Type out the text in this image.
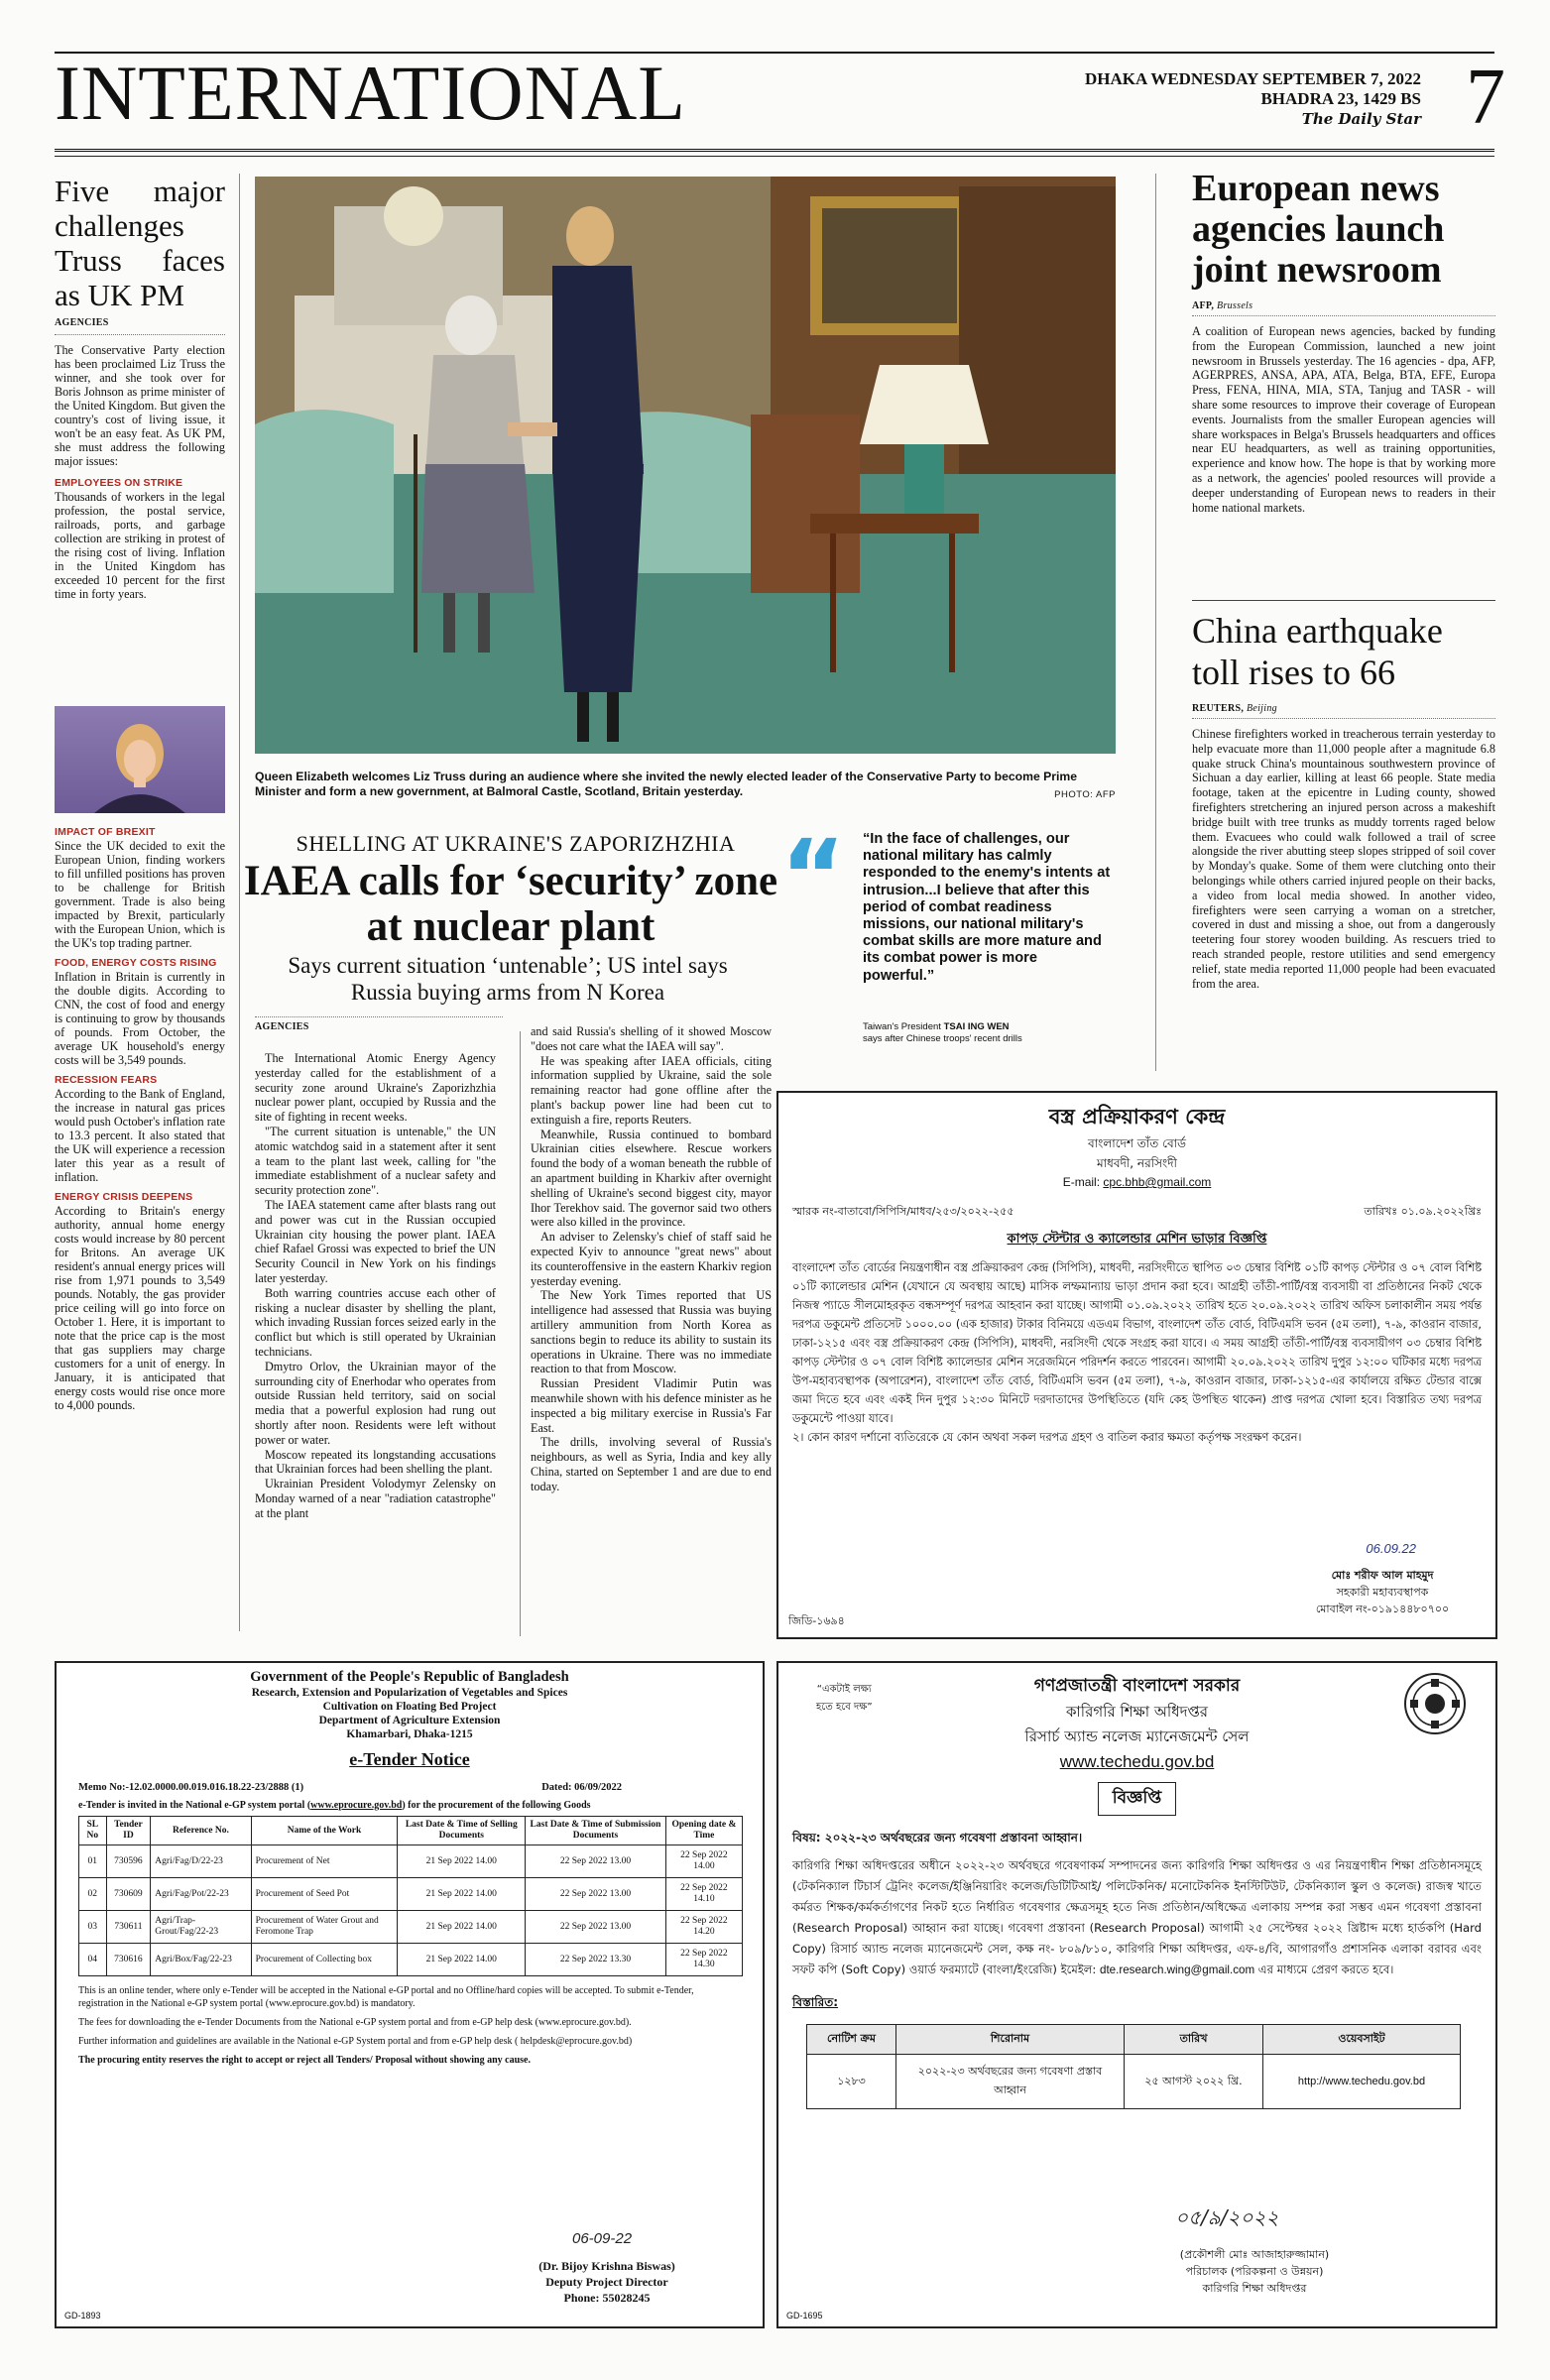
INTERNATIONAL	DHAKA WEDNESDAY SEPTEMBER 7, 2022
BHADRA 23, 1429 BS
The Daily Star 7
Five major challenges Truss faces as UK PM
AGENCIES
The Conservative Party election has been proclaimed Liz Truss the winner, and she took over for Boris Johnson as prime minister of the United Kingdom. But given the country's cost of living issue, it won't be an easy feat. As UK PM, she must address the following major issues:
EMPLOYEES ON STRIKE
Thousands of workers in the legal profession, the postal service, railroads, ports, and garbage collection are striking in protest of the rising cost of living. Inflation in the United Kingdom has exceeded 10 percent for the first time in forty years.
IMPACT OF BREXIT
Since the UK decided to exit the European Union, finding workers to fill unfilled positions has proven to be challenge for British government. Trade is also being impacted by Brexit, particularly with the European Union, which is the UK's top trading partner.
FOOD, ENERGY COSTS RISING
Inflation in Britain is currently in the double digits. According to CNN, the cost of food and energy is continuing to grow by thousands of pounds. From October, the average UK household's energy costs will be 3,549 pounds.
RECESSION FEARS
According to the Bank of England, the increase in natural gas prices would push October's inflation rate to 13.3 percent. It also stated that the UK will experience a recession later this year as a result of inflation.
ENERGY CRISIS DEEPENS
According to Britain's energy authority, annual home energy costs would increase by 80 percent for Britons. An average UK resident's annual energy prices will rise from 1,971 pounds to 3,549 pounds. Notably, the gas provider price ceiling will go into force on October 1. Here, it is important to note that the price cap is the most that gas suppliers may charge customers for a unit of energy. In January, it is anticipated that energy costs would rise once more to 4,000 pounds.
Queen Elizabeth welcomes Liz Truss during an audience where she invited the newly elected leader of the Conservative Party to become Prime Minister and form a new government, at Balmoral Castle, Scotland, Britain yesterday.	PHOTO: AFP
SHELLING AT UKRAINE'S ZAPORIZHZHIA
IAEA calls for ‘security’ zone at nuclear plant
Says current situation ‘untenable’; US intel says Russia buying arms from N Korea
AGENCIES

The International Atomic Energy Agency yesterday called for the establishment of a security zone around Ukraine's Zaporizhzhia nuclear power plant, occupied by Russia and the site of fighting in recent weeks.

"The current situation is untenable," the UN atomic watchdog said in a statement after it sent a team to the plant last week, calling for "the immediate establishment of a nuclear safety and security protection zone".

The IAEA statement came after blasts rang out and power was cut in the Russian occupied Ukrainian city housing the power plant. IAEA chief Rafael Grossi was expected to brief the UN Security Council in New York on his findings later yesterday.

Both warring countries accuse each other of risking a nuclear disaster by shelling the plant, which invading Russian forces seized early in the conflict but which is still operated by Ukrainian technicians.

Dmytro Orlov, the Ukrainian mayor of the surrounding city of Enerhodar who operates from outside Russian held territory, said on social media that a powerful explosion had rung out shortly after noon. Residents were left without power or water.

Moscow repeated its longstanding accusations that Ukrainian forces had been shelling the plant.

Ukrainian President Volodymyr Zelensky on Monday warned of a near "radiation catastrophe" at the plant

and said Russia's shelling of it showed Moscow "does not care what the IAEA will say".

He was speaking after IAEA officials, citing information supplied by Ukraine, said the sole remaining reactor had gone offline after the plant's backup power line had been cut to extinguish a fire, reports Reuters.

Meanwhile, Russia continued to bombard Ukrainian cities elsewhere. Rescue workers found the body of a woman beneath the rubble of an apartment building in Kharkiv after overnight shelling of Ukraine's second biggest city, mayor Ihor Terekhov said. The governor said two others were also killed in the province.

An adviser to Zelensky's chief of staff said he expected Kyiv to announce "great news" about its counteroffensive in the eastern Kharkiv region yesterday evening.

The New York Times reported that US intelligence had assessed that Russia was buying artillery ammunition from North Korea as sanctions begin to reduce its ability to sustain its operations in Ukraine. There was no immediate reaction to that from Moscow.

Russian President Vladimir Putin was meanwhile shown with his defence minister as he inspected a big military exercise in Russia's Far East.

The drills, involving several of Russia's neighbours, as well as Syria, India and key ally China, started on September 1 and are due to end today.

“ “In the face of challenges, our national military has calmly responded to the enemy's intents at intrusion...I believe that after this period of combat readiness missions, our national military's combat skills are more mature and its combat power is more powerful.”
Taiwan's President TSAI ING WEN
says after Chinese troops' recent drills
European news agencies launch joint newsroom
AFP, Brussels
A coalition of European news agencies, backed by funding from the European Commission, launched a new joint newsroom in Brussels yesterday. The 16 agencies - dpa, AFP, AGERPRES, ANSA, APA, ATA, Belga, BTA, EFE, Europa Press, FENA, HINA, MIA, STA, Tanjug and TASR - will share some resources to improve their coverage of European events. Journalists from the smaller European agencies will share workspaces in Belga's Brussels headquarters and offices near EU headquarters, as well as training opportunities, experience and know how. The hope is that by working more as a network, the agencies' pooled resources will provide a deeper understanding of European news to readers in their home national markets.
China earthquake toll rises to 66
REUTERS, Beijing
Chinese firefighters worked in treacherous terrain yesterday to help evacuate more than 11,000 people after a magnitude 6.8 quake struck China's mountainous southwestern province of Sichuan a day earlier, killing at least 66 people. State media footage, taken at the epicentre in Luding county, showed firefighters stretchering an injured person across a makeshift bridge built with tree trunks as muddy torrents raged below them. Evacuees who could walk followed a trail of scree alongside the river abutting steep slopes stripped of soil cover by Monday's quake. Some of them were clutching onto their belongings while others carried injured people on their backs, a video from local media showed. In another video, firefighters were seen carrying a woman on a stretcher, covered in dust and missing a shoe, out from a dangerously teetering four storey wooden building. As rescuers tried to reach stranded people, restore utilities and send emergency relief, state media reported 11,000 people had been evacuated from the area.
বস্ত্র প্রক্রিয়াকরণ কেন্দ্র
বাংলাদেশ তাঁত বোর্ড
মাধবদী, নরসিংদী
E-mail: cpc.bhb@gmail.com
স্মারক নং-বাতাবো/সিপিসি/মাধব/২৫৩/২০২২-২৫৫	তারিখঃ ০১.০৯.২০২২খ্রিঃ
কাপড় স্টেন্টার ও ক্যালেন্ডার মেশিন ভাড়ার বিজ্ঞপ্তি
বাংলাদেশ তাঁত বোর্ডের নিয়ন্ত্রণাধীন বস্ত্র প্রক্রিয়াকরণ কেন্দ্র (সিপিসি), মাধবদী, নরসিংদীতে স্থাপিত ০৩ চেম্বার বিশিষ্ট ০১টি কাপড় স্টেন্টার ও ০৭ বোল বিশিষ্ট ০১টি ক্যালেন্ডার মেশিন (যেখানে যে অবস্থায় আছে) মাসিক লম্ফমান্যায় ভাড়া প্রদান করা হবে। আগ্রহী তাঁতী-পার্টি/বস্ত্র ব্যবসায়ী বা প্রতিষ্ঠানের নিকট থেকে নিজস্ব প্যাডে সীলমোহরকৃত বন্ধসম্পূর্ণ দরপত্র আহবান করা যাচ্ছে। আগামী ০১.০৯.২০২২ তারিখ হতে ২০.০৯.২০২২ তারিখ অফিস চলাকালীন সময় পর্যন্ত দরপত্র ডকুমেন্ট প্রতিসেট ১০০০.০০ (এক হাজার) টাকার বিনিময়ে এডএম বিভাগ, বাংলাদেশ তাঁত বোর্ড, বিটিএমসি ভবন (৫ম তলা), ৭-৯, কাওরান বাজার, ঢাকা-১২১৫ এবং বস্ত্র প্রক্রিয়াকরণ কেন্দ্র (সিপিসি), মাধবদী, নরসিংদী থেকে সংগ্রহ করা যাবে। এ সময় আগ্রহী তাঁতী-পার্টি/বস্ত্র ব্যবসায়ীগণ ০৩ চেম্বার বিশিষ্ট কাপড় স্টেন্টার ও ০৭ বোল বিশিষ্ট ক্যালেন্ডার মেশিন সরেজমিনে পরিদর্শন করতে পারবেন। আগামী ২০.০৯.২০২২ তারিখ দুপুর ১২:০০ ঘটিকার মধ্যে দরপত্র উপ-মহাব্যবস্থাপক (অপারেশন), বাংলাদেশ তাঁত বোর্ড, বিটিএমসি ভবন (৫ম তলা), ৭-৯, কাওরান বাজার, ঢাকা-১২১৫-এর কার্যালয়ে রক্ষিত টেন্ডার বাক্সে জমা দিতে হবে এবং একই দিন দুপুর ১২:৩০ মিনিটে দরদাতাদের উপস্থিতিতে (যদি কেহ উপস্থিত থাকেন) প্রাপ্ত দরপত্র খোলা হবে। বিস্তারিত তথ্য দরপত্র ডকুমেন্টে পাওয়া যাবে।
২। কোন কারণ দর্শানো ব্যতিরেকে যে কোন অথবা সকল দরপত্র গ্রহণ ও বাতিল করার ক্ষমতা কর্তৃপক্ষ সংরক্ষণ করেন।
06.09.22
মোঃ শরীফ আল মাহমুদ
সহকারী মহাব্যবস্থাপক
মোবাইল নং-০১৯১৪৪৮০৭০০
জিডি-১৬৯৪
Government of the People's Republic of Bangladesh
Research, Extension and Popularization of Vegetables and Spices
Cultivation on Floating Bed Project
Department of Agriculture Extension
Khamarbari, Dhaka-1215
e-Tender Notice
Memo No:-12.02.0000.00.019.016.18.22-23/2888 (1)	Dated: 06/09/2022
e-Tender is invited in the National e-GP system portal (www.eprocure.gov.bd) for the procurement of the following Goods
SL No	Tender ID	Reference No.	Name of the Work	Last Date & Time of Selling Documents	Last Date & Time of Submission Documents	Opening date & Time
01	730596	Agri/Fag/D/22-23	Procurement of Net	21 Sep 2022 14.00	22 Sep 2022 13.00	22 Sep 2022 14.00
02	730609	Agri/Fag/Pot/22-23	Procurement of Seed Pot	21 Sep 2022 14.00	22 Sep 2022 13.00	22 Sep 2022 14.10
03	730611	Agri/Trap-Grout/Fag/22-23	Procurement of Water Grout and Feromone Trap	21 Sep 2022 14.00	22 Sep 2022 13.00	22 Sep 2022 14.20
04	730616	Agri/Box/Fag/22-23	Procurement of Collecting box	21 Sep 2022 14.00	22 Sep 2022 13.30	22 Sep 2022 14.30
This is an online tender, where only e-Tender will be accepted in the National e-GP portal and no Offline/hard copies will be accepted. To submit e-Tender, registration in the National e-GP system portal (www.eprocure.gov.bd) is mandatory.
The fees for downloading the e-Tender Documents from the National e-GP system portal and from e-GP help desk (www.eprocure.gov.bd).
Further information and guidelines are available in the National e-GP System portal and from e-GP help desk ( helpdesk@eprocure.gov.bd)
The procuring entity reserves the right to accept or reject all Tenders/ Proposal without showing any cause.
06-09-22
(Dr. Bijoy Krishna Biswas)
Deputy Project Director
Phone: 55028245
GD-1893
“একটাই লক্ষ্য
হতে হবে দক্ষ”
গণপ্রজাতন্ত্রী বাংলাদেশ সরকার
কারিগরি শিক্ষা অধিদপ্তর
রিসার্চ অ্যান্ড নলেজ ম্যানেজমেন্ট সেল
www.techedu.gov.bd
বিজ্ঞপ্তি
বিষয়: ২০২২-২৩ অর্থবছরের জন্য গবেষণা প্রস্তাবনা আহ্বান।
কারিগরি শিক্ষা অধিদপ্তরের অধীনে ২০২২-২৩ অর্থবছরে গবেষণাকর্ম সম্পাদনের জন্য কারিগরি শিক্ষা অধিদপ্তর ও এর নিয়ন্ত্রণাধীন শিক্ষা প্রতিষ্ঠানসমূহে (টেকনিক্যাল টিচার্স ট্রেনিং কলেজ/ইঞ্জিনিয়ারিং কলেজ/ডিটিটিআই/ পলিটেকনিক/ মনোটেকনিক ইনস্টিটিউট, টেকনিক্যাল স্কুল ও কলেজ) রাজস্ব খাতে কর্মরত শিক্ষক/কর্মকর্তাগণের নিকট হতে নির্ধারিত গবেষণার ক্ষেত্রসমূহ হতে নিজ প্রতিষ্ঠান/অধিক্ষেত্র এলাকায় সম্পন্ন করা সম্ভব এমন গবেষণা প্রস্তাবনা (Research Proposal) আহ্বান করা যাচ্ছে। গবেষণা প্রস্তাবনা (Research Proposal) আগামী ২৫ সেপ্টেম্বর ২০২২ খ্রিষ্টাব্দ মধ্যে হার্ডকপি (Hard Copy) রিসার্চ অ্যান্ড নলেজ ম্যানেজমেন্ট সেল, কক্ষ নং- ৮০৯/৮১০, কারিগরি শিক্ষা অধিদপ্তর, এফ-৪/বি, আগারগাঁও প্রশাসনিক এলাকা বরাবর এবং সফট কপি (Soft Copy) ওয়ার্ড ফরম্যাটে (বাংলা/ইংরেজি) ইমেইল: dte.research.wing@gmail.com এর মাধ্যমে প্রেরণ করতে হবে।
বিস্তারিত:
নোটিশ ক্রম	শিরোনাম	তারিখ	ওয়েবসাইট
১২৮৩	২০২২-২৩ অর্থবছরের জন্য গবেষণা প্রস্তাব আহ্বান	২৫ আগস্ট ২০২২ খ্রি.	http://www.techedu.gov.bd
০৫/৯/২০২২
(প্রকৌশলী মোঃ আজাহারুজ্জামান)
পরিচালক (পরিকল্পনা ও উন্নয়ন)
কারিগরি শিক্ষা অধিদপ্তর
GD-1695
